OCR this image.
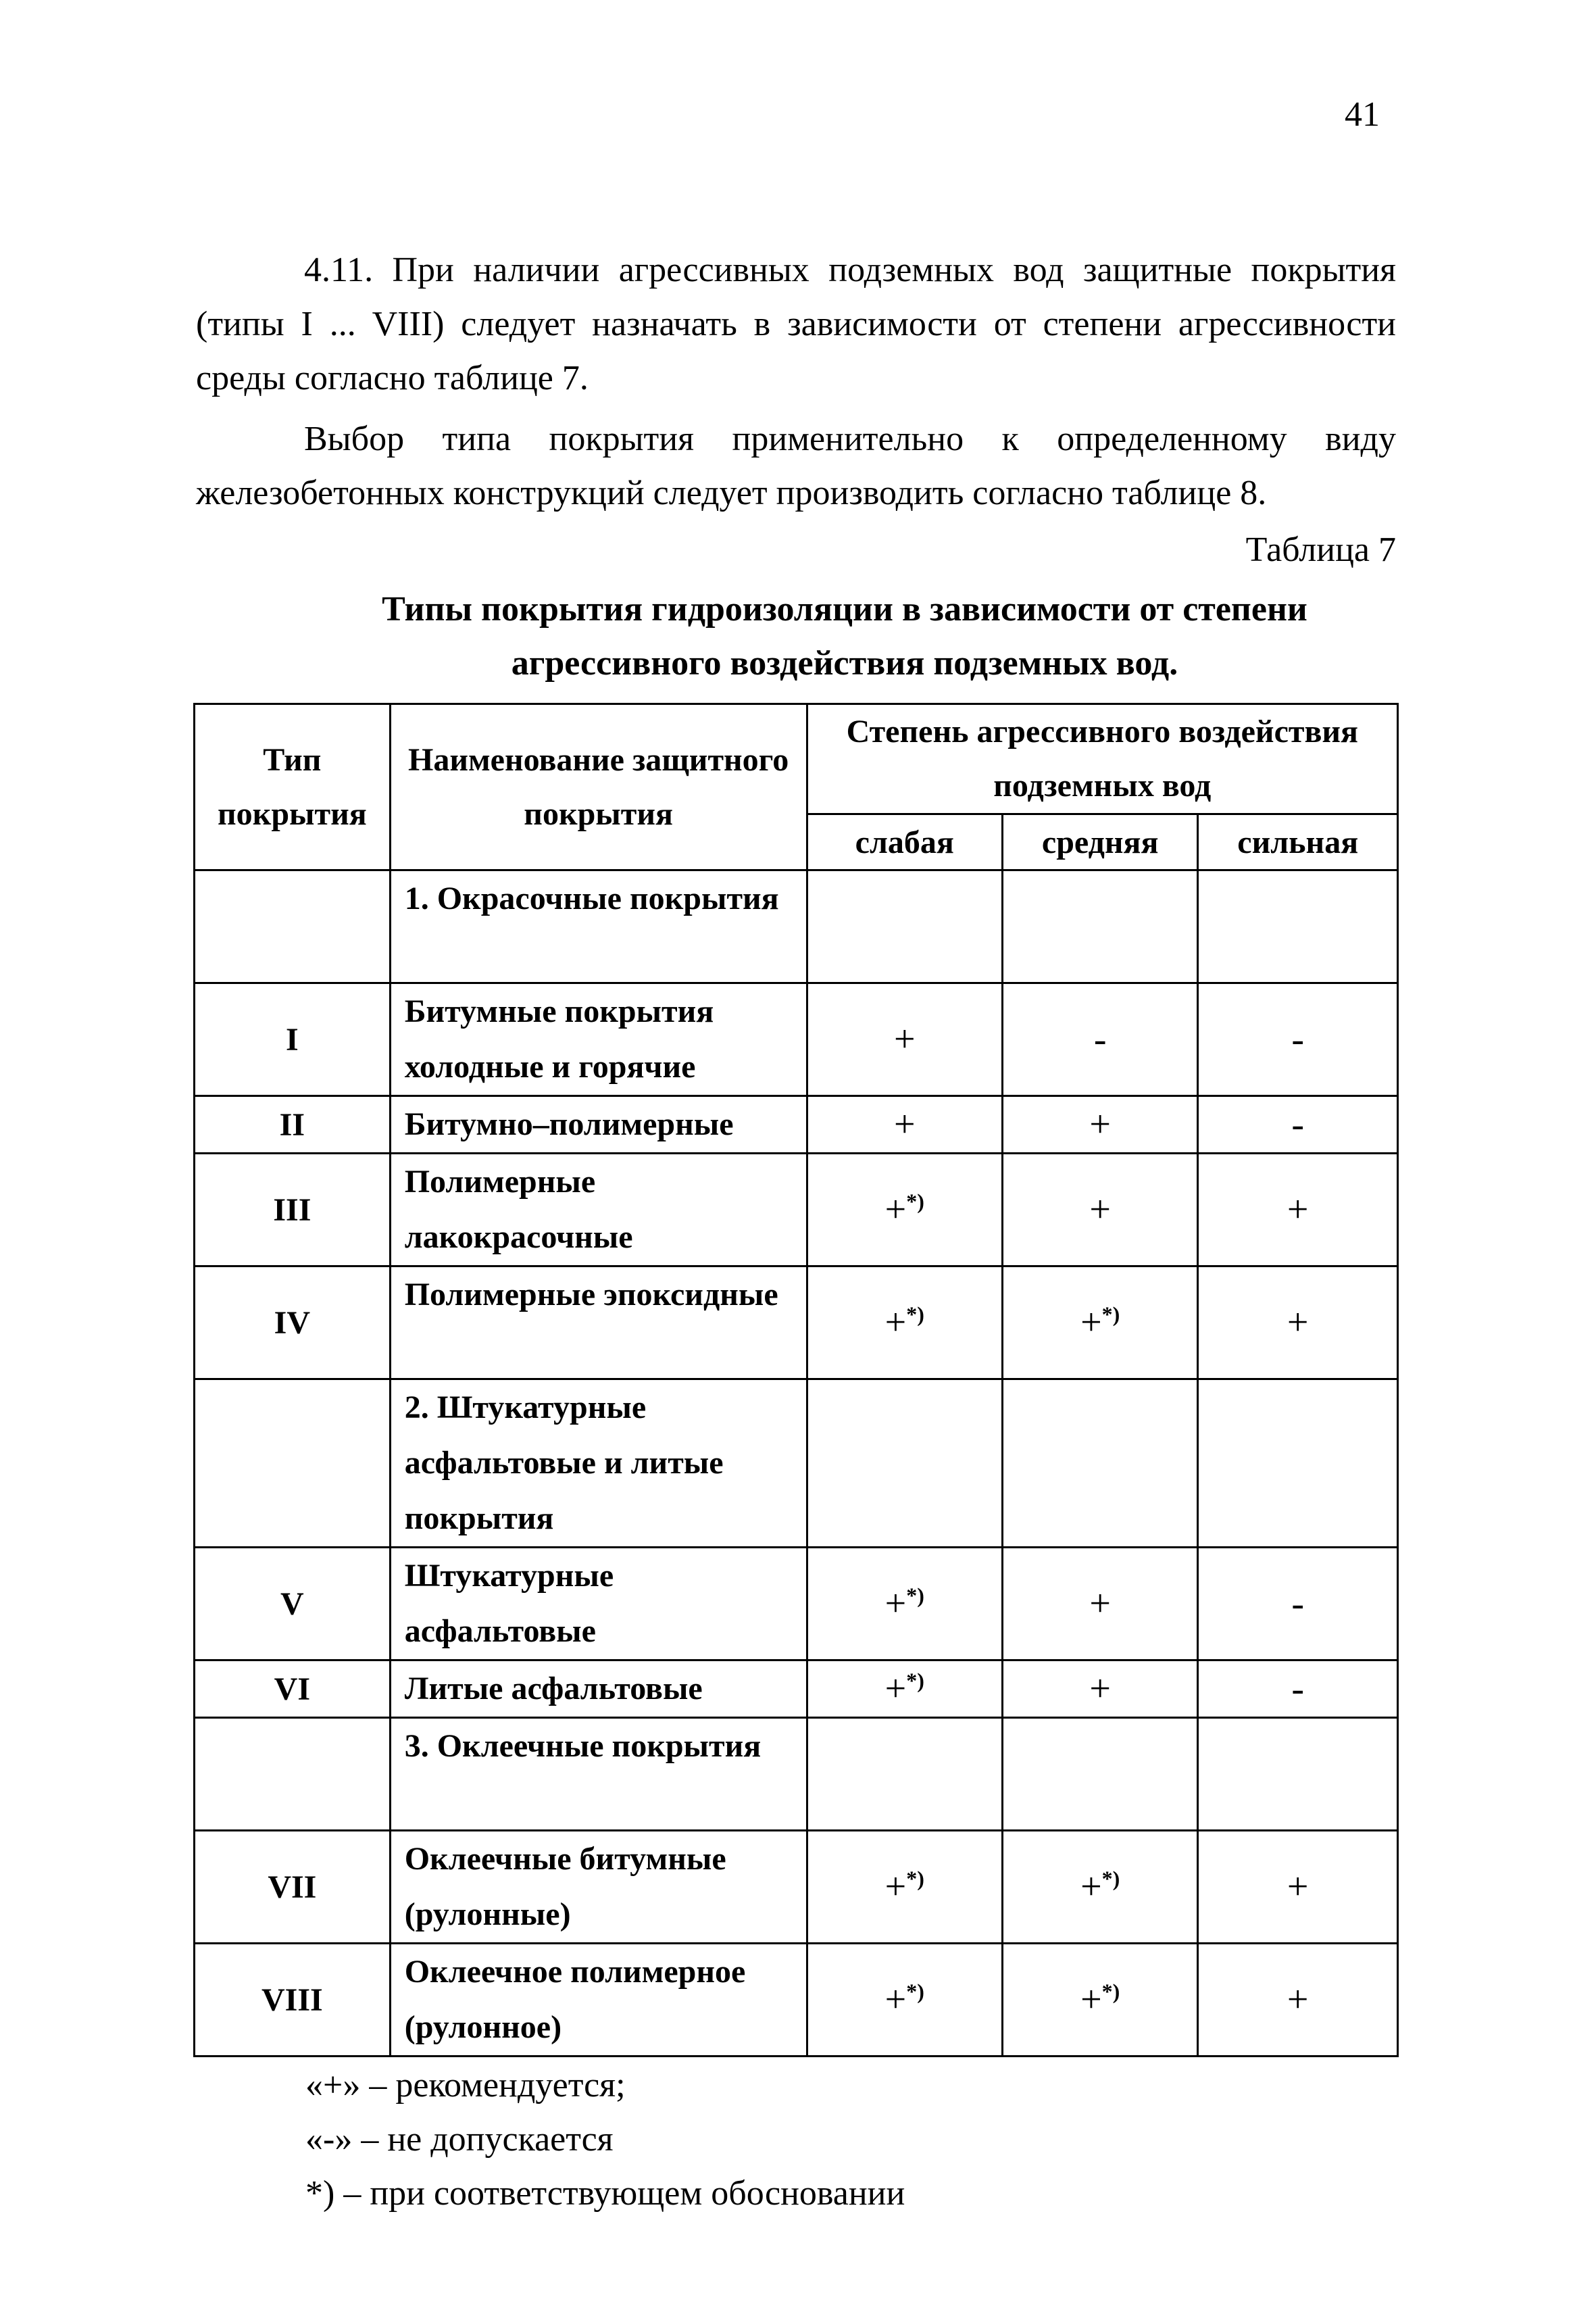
41

4.11. При наличии агрессивных подземных вод защитные покрытия (типы I ... VIII) следует назначать в зависимости от степени агрессивности среды согласно таблице 7.

Выбор типа покрытия применительно к определенному виду железобетонных конструкций следует производить согласно таблице 8.

Таблица 7

Типы покрытия гидроизоляции в зависимости от степени агрессивного воздействия подземных вод.

Тип покрытия	Наименование защитного покрытия	Степень агрессивного воздействия подземных вод		
		слабая	средняя	сильная
	1. Окрасочные покрытия			
I	Битумные покрытия холодные и горячие	+	-	-
II	Битумно–полимерные	+	+	-
III	Полимерные лакокрасочные	+*)	+	+
IV	Полимерные эпоксидные	+*)	+*)	+
	2. Штукатурные асфальтовые и литые покрытия			
V	Штукатурные асфальтовые	+*)	+	-
VI	Литые асфальтовые	+*)	+	-
	3. Оклеечные покрытия			
VII	Оклеечные битумные (рулонные)	+*)	+*)	+
VIII	Оклеечное полимерное (рулонное)	+*)	+*)	+
«+» – рекомендуется;
«-» – не допускается
*) – при соответствующем обосновании
